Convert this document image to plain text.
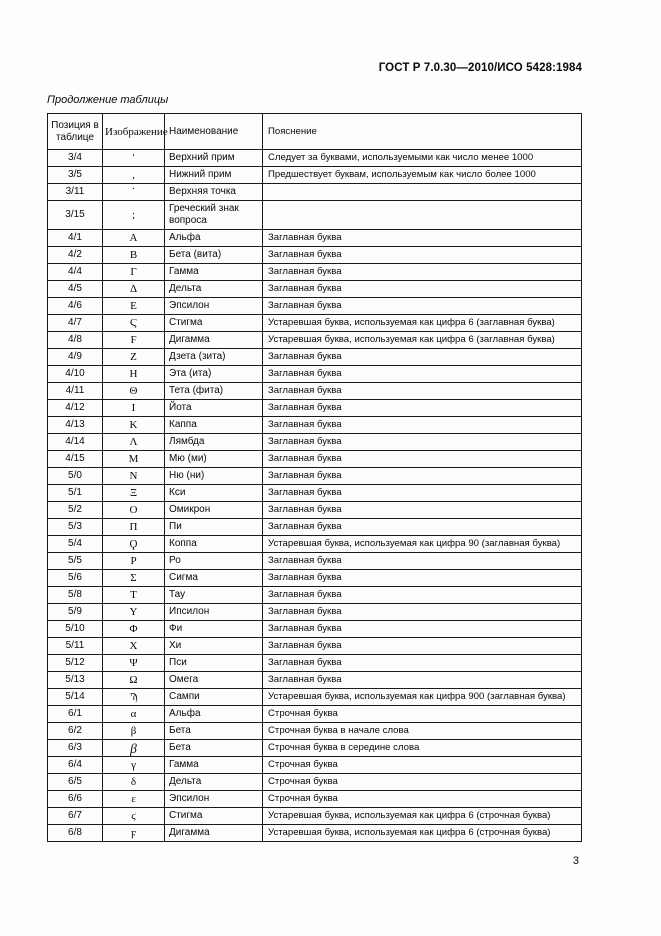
ГОСТ Р 7.0.30—2010/ИСО 5428:1984
Продолжение таблицы
Позиция в таблице	Изображение	Наименование	Пояснение
3/4	′	Верхний прим	Следует за буквами, используемыми как число менее 1000
3/5	‚	Нижний прим	Предшествует буквам, используемым как число более 1000
3/11	˙	Верхняя точка	
3/15	;	Греческий знак вопроса	
4/1	Α	Альфа	Заглавная буква
4/2	Β	Бета (вита)	Заглавная буква
4/4	Γ	Гамма	Заглавная буква
4/5	Δ	Дельта	Заглавная буква
4/6	Ε	Эпсилон	Заглавная буква
4/7	Ϛ	Стигма	Устаревшая буква, используемая как цифра 6 (заглавная буква)
4/8	Ϝ	Дигамма	Устаревшая буква, используемая как цифра 6 (заглавная буква)
4/9	Ζ	Дзета (зита)	Заглавная буква
4/10	Η	Эта (ита)	Заглавная буква
4/11	Θ	Тета (фита)	Заглавная буква
4/12	Ι	Йота	Заглавная буква
4/13	Κ	Каппа	Заглавная буква
4/14	Λ	Лямбда	Заглавная буква
4/15	Μ	Мю (ми)	Заглавная буква
5/0	Ν	Ню (ни)	Заглавная буква
5/1	Ξ	Кси	Заглавная буква
5/2	Ο	Омикрон	Заглавная буква
5/3	Π	Пи	Заглавная буква
5/4	Ϙ	Коппа	Устаревшая буква, используемая как цифра 90 (заглавная буква)
5/5	Ρ	Ро	Заглавная буква
5/6	Σ	Сигма	Заглавная буква
5/8	Τ	Тау	Заглавная буква
5/9	Υ	Ипсилон	Заглавная буква
5/10	Φ	Фи	Заглавная буква
5/11	Χ	Хи	Заглавная буква
5/12	Ψ	Пси	Заглавная буква
5/13	Ω	Омега	Заглавная буква
5/14	Ϡ	Сампи	Устаревшая буква, используемая как цифра 900 (заглавная буква)
6/1	α	Альфа	Строчная буква
6/2	β	Бета	Строчная буква в начале слова
6/3	β	Бета	Строчная буква в середине слова
6/4	γ	Гамма	Строчная буква
6/5	δ	Дельта	Строчная буква
6/6	ε	Эпсилон	Строчная буква
6/7	ϛ	Стигма	Устаревшая буква, используемая как цифра 6 (строчная буква)
6/8	ϝ	Дигамма	Устаревшая буква, используемая как цифра 6 (строчная буква)
3
